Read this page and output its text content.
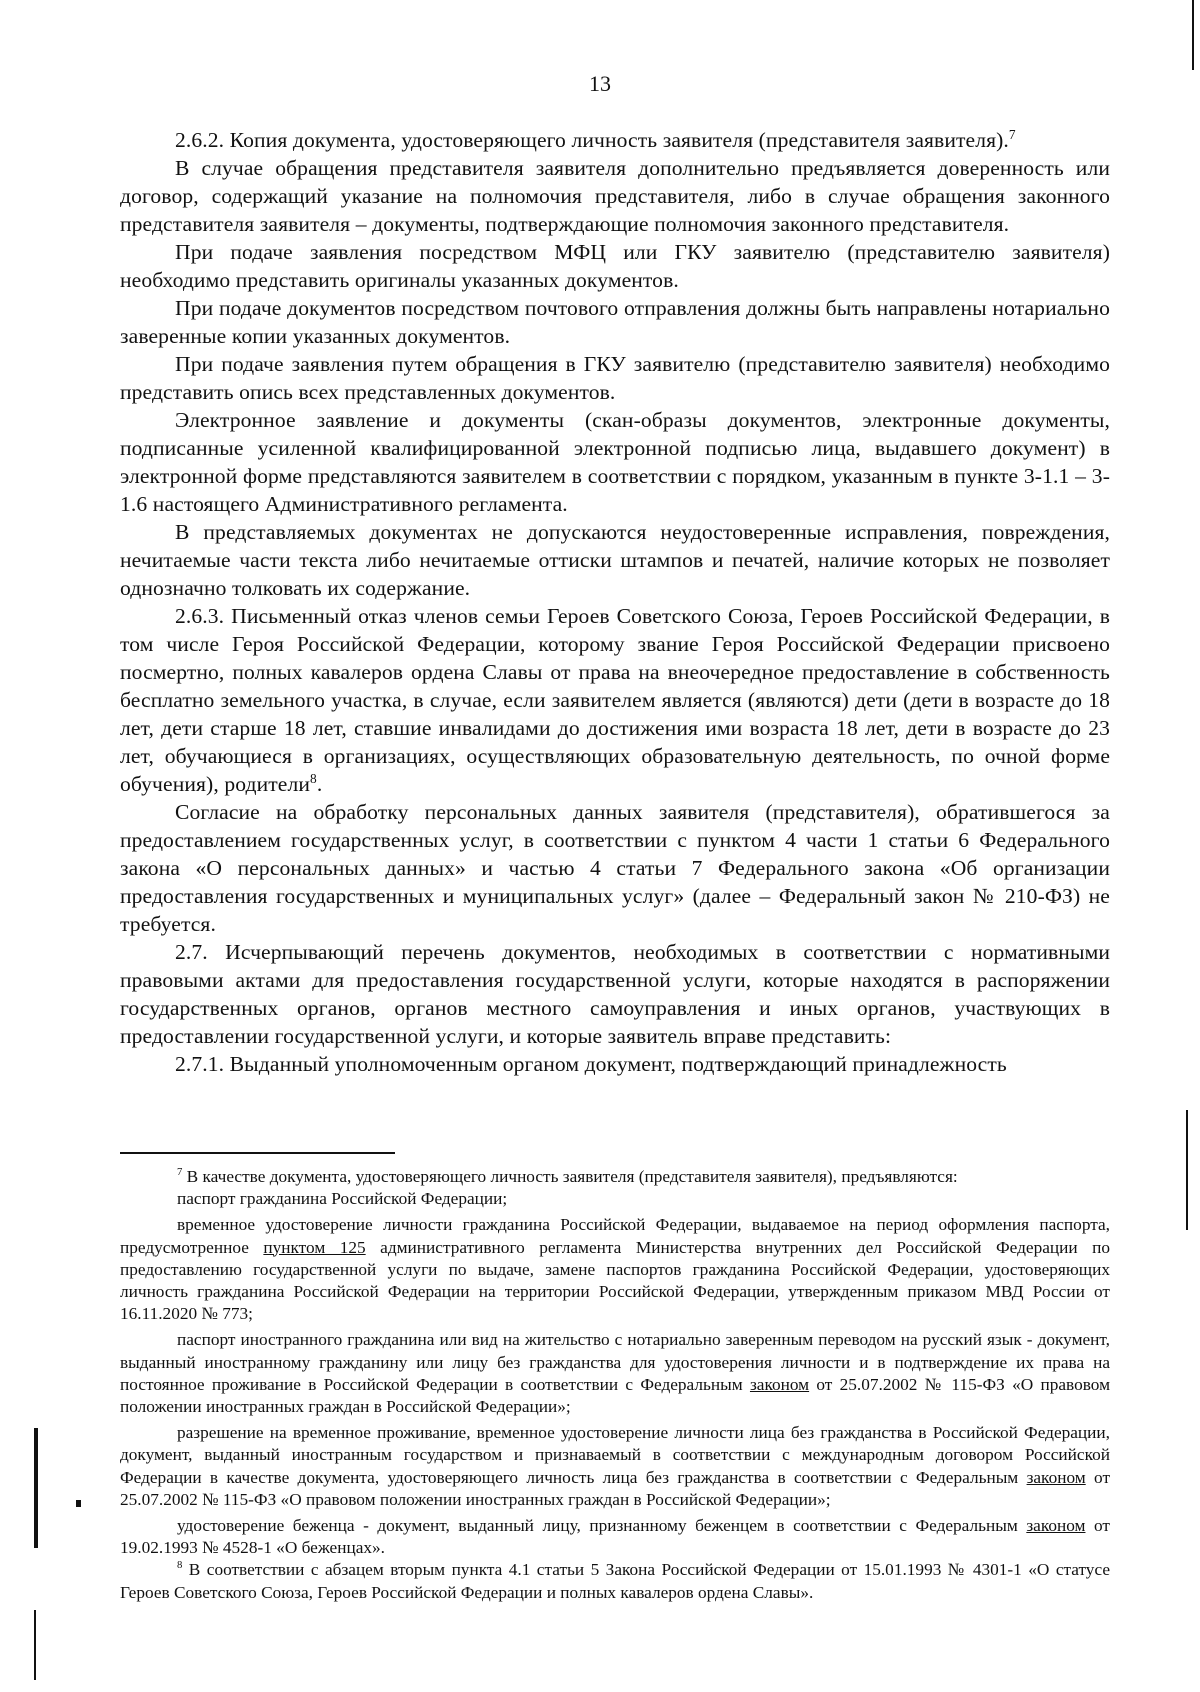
13

2.6.2. Копия документа, удостоверяющего личность заявителя (представителя заявителя).$^7$

В случае обращения представителя заявителя дополнительно предъявляется доверенность или договор, содержащий указание на полномочия представителя, либо в случае обращения законного представителя заявителя – документы, подтверждающие полномочия законного представителя.

При подаче заявления посредством МФЦ или ГКУ заявителю (представителю заявителя) необходимо представить оригиналы указанных документов.

При подаче документов посредством почтового отправления должны быть направлены нотариально заверенные копии указанных документов.

При подаче заявления путем обращения в ГКУ заявителю (представителю заявителя) необходимо представить опись всех представленных документов.

Электронное заявление и документы (скан-образы документов, электронные документы, подписанные усиленной квалифицированной электронной подписью лица, выдавшего документ) в электронной форме представляются заявителем в соответствии с порядком, указанным в пункте 3-1.1 – 3-1.6 настоящего Административного регламента.

В представляемых документах не допускаются неудостоверенные исправления, повреждения, нечитаемые части текста либо нечитаемые оттиски штампов и печатей, наличие которых не позволяет однозначно толковать их содержание.

2.6.3. Письменный отказ членов семьи Героев Советского Союза, Героев Российской Федерации, в том числе Героя Российской Федерации, которому звание Героя Российской Федерации присвоено посмертно, полных кавалеров ордена Славы от права на внеочередное предоставление в собственность бесплатно земельного участка, в случае, если заявителем является (являются) дети (дети в возрасте до 18 лет, дети старше 18 лет, ставшие инвалидами до достижения ими возраста 18 лет, дети в возрасте до 23 лет, обучающиеся в организациях, осуществляющих образовательную деятельность, по очной форме обучения), родители$^8$.

Согласие на обработку персональных данных заявителя (представителя), обратившегося за предоставлением государственных услуг, в соответствии с пунктом 4 части 1 статьи 6 Федерального закона «О персональных данных» и частью 4 статьи 7 Федерального закона «Об организации предоставления государственных и муниципальных услуг» (далее – Федеральный закон № 210-ФЗ) не требуется.

2.7. Исчерпывающий перечень документов, необходимых в соответствии с нормативными правовыми актами для предоставления государственной услуги, которые находятся в распоряжении государственных органов, органов местного самоуправления и иных органов, участвующих в предоставлении государственной услуги, и которые заявитель вправе представить:

2.7.1. Выданный уполномоченным органом документ, подтверждающий принадлежность

$^7$ В качестве документа, удостоверяющего личность заявителя (представителя заявителя), предъявляются:

паспорт гражданина Российской Федерации;

временное удостоверение личности гражданина Российской Федерации, выдаваемое на период оформления паспорта, предусмотренное пунктом 125 административного регламента Министерства внутренних дел Российской Федерации по предоставлению государственной услуги по выдаче, замене паспортов гражданина Российской Федерации, удостоверяющих личность гражданина Российской Федерации на территории Российской Федерации, утвержденным приказом МВД России от 16.11.2020 № 773;

паспорт иностранного гражданина или вид на жительство с нотариально заверенным переводом на русский язык - документ, выданный иностранному гражданину или лицу без гражданства для удостоверения личности и в подтверждение их права на постоянное проживание в Российской Федерации в соответствии с Федеральным законом от 25.07.2002 № 115-ФЗ «О правовом положении иностранных граждан в Российской Федерации»;

разрешение на временное проживание, временное удостоверение личности лица без гражданства в Российской Федерации, документ, выданный иностранным государством и признаваемый в соответствии с международным договором Российской Федерации в качестве документа, удостоверяющего личность лица без гражданства в соответствии с Федеральным законом от 25.07.2002 № 115-ФЗ «О правовом положении иностранных граждан в Российской Федерации»;

удостоверение беженца - документ, выданный лицу, признанному беженцем в соответствии с Федеральным законом от 19.02.1993 № 4528-1 «О беженцах».

$^8$ В соответствии с абзацем вторым пункта 4.1 статьи 5 Закона Российской Федерации от 15.01.1993 № 4301-1 «О статусе Героев Советского Союза, Героев Российской Федерации и полных кавалеров ордена Славы».
